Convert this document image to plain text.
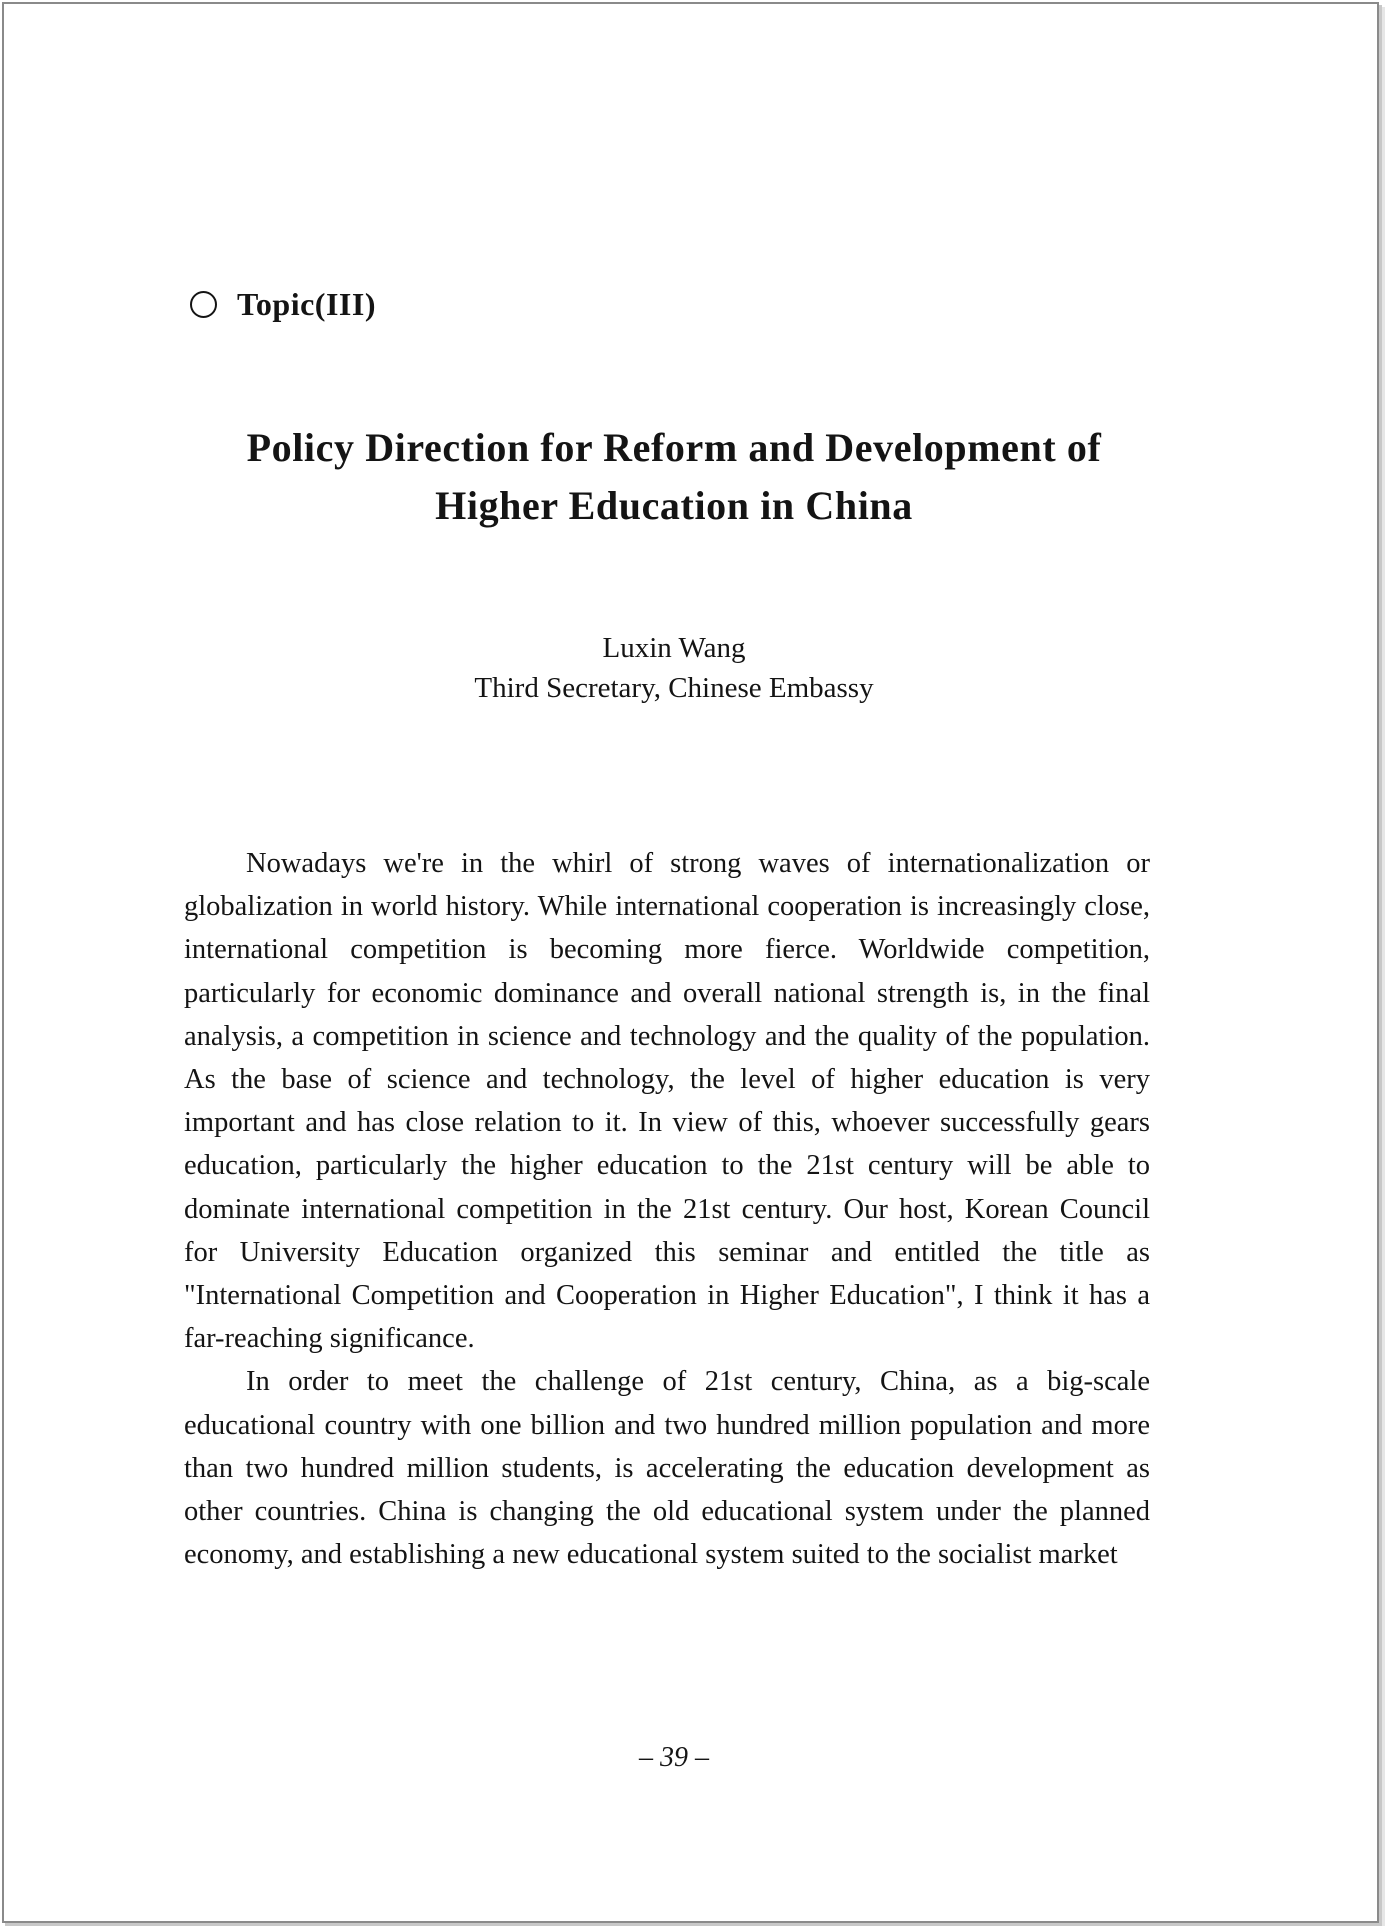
Topic(III)
Policy Direction for Reform and Development of
Higher Education in China
Luxin Wang
Third Secretary, Chinese Embassy

Nowadays we're in the whirl of strong waves of internationalization or globalization in world history. While international cooperation is increasingly close, international competition is becoming more fierce. Worldwide competition, particularly for economic dominance and overall national strength is, in the final analysis, a competition in science and technology and the quality of the population. As the base of science and technology, the level of higher education is very important and has close relation to it. In view of this, whoever successfully gears education, particularly the higher education to the 21st century will be able to dominate international competition in the 21st century. Our host, Korean Council for University Education organized this seminar and entitled the title as "International Competition and Cooperation in Higher Education", I think it has a far-reaching significance.

In order to meet the challenge of 21st century, China, as a big-scale educational country with one billion and two hundred million population and more than two hundred million students, is accelerating the education development as other countries. China is changing the old educational system under the planned economy, and establishing a new educational system suited to the socialist market

– 39 –
